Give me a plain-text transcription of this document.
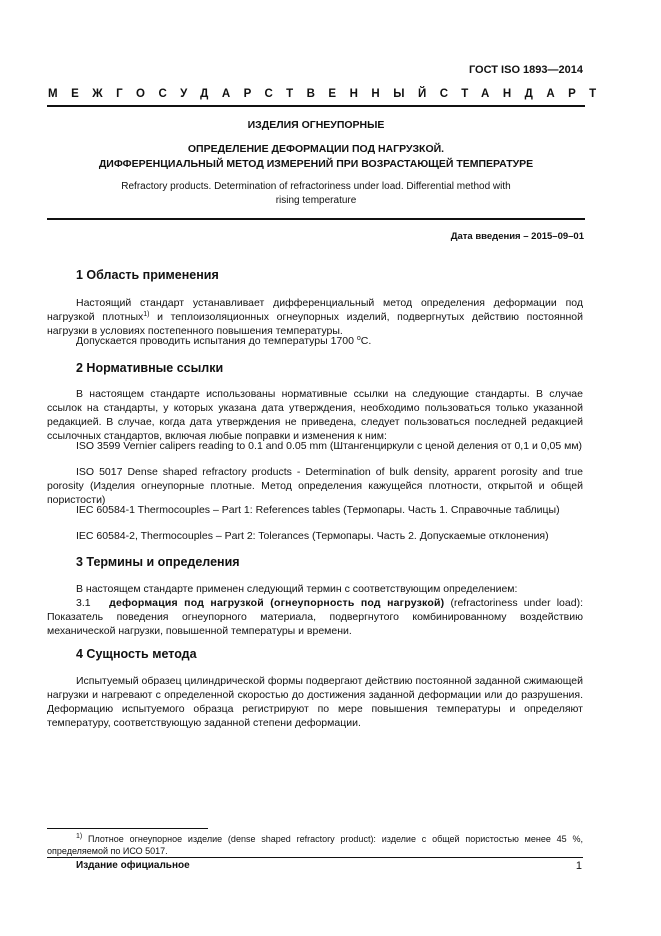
ГОСТ ISO 1893—2014
МЕЖГОСУДАРСТВЕННЫЙ СТАНДАРТ
ИЗДЕЛИЯ ОГНЕУПОРНЫЕ
ОПРЕДЕЛЕНИЕ ДЕФОРМАЦИИ ПОД НАГРУЗКОЙ.
ДИФФЕРЕНЦИАЛЬНЫЙ МЕТОД ИЗМЕРЕНИЙ ПРИ ВОЗРАСТАЮЩЕЙ ТЕМПЕРАТУРЕ
Refractory products. Determination of refractoriness under load. Differential method with
rising temperature
Дата введения – 2015–09–01
1 Область применения
Настоящий стандарт устанавливает дифференциальный метод определения деформации под нагрузкой плотных$^{1)}$ и теплоизоляционных огнеупорных изделий, подвергнутых действию постоянной нагрузки в условиях постепенного повышения температуры.
Допускается проводить испытания до температуры 1700 $^о$С.
2 Нормативные ссылки
В настоящем стандарте использованы нормативные ссылки на следующие стандарты. В случае ссылок на стандарты, у которых указана дата утверждения, необходимо пользоваться только указанной редакцией. В случае, когда дата утверждения не приведена, следует пользоваться последней редакцией ссылочных стандартов, включая любые поправки и изменения к ним:
ISO 3599 Vernier calipers reading to 0.1 and 0.05 mm (Штангенциркули с ценой деления от 0,1 и 0,05 мм)
ISO 5017 Dense shaped refractory products - Determination of bulk density, apparent porosity and true porosity (Изделия огнеупорные плотные. Метод определения кажущейся плотности, открытой и общей пористости)
IEC 60584-1 Thermocouples – Part 1: References tables (Термопары. Часть 1. Справочные таблицы)
IEC 60584-2, Thermocouples – Part 2: Tolerances (Термопары. Часть 2. Допускаемые отклонения)
3 Термины и определения
В настоящем стандарте применен следующий термин с соответствующим определением:
3.1 деформация под нагрузкой (огнеупорность под нагрузкой) (refractoriness under load): Показатель поведения огнеупорного материала, подвергнутого комбинированному воздействию механической нагрузки, повышенной температуры и времени.
4 Сущность метода
Испытуемый образец цилиндрической формы подвергают действию постоянной заданной сжимающей нагрузки и нагревают с определенной скоростью до достижения заданной деформации или до разрушения. Деформацию испытуемого образца регистрируют по мере повышения температуры и определяют температуру, соответствующую заданной степени деформации.
$^{1)}$ Плотное огнеупорное изделие (dense shaped refractory product): изделие с общей пористостью менее 45 %, определяемой по ИСО 5017.
Издание официальное	1
